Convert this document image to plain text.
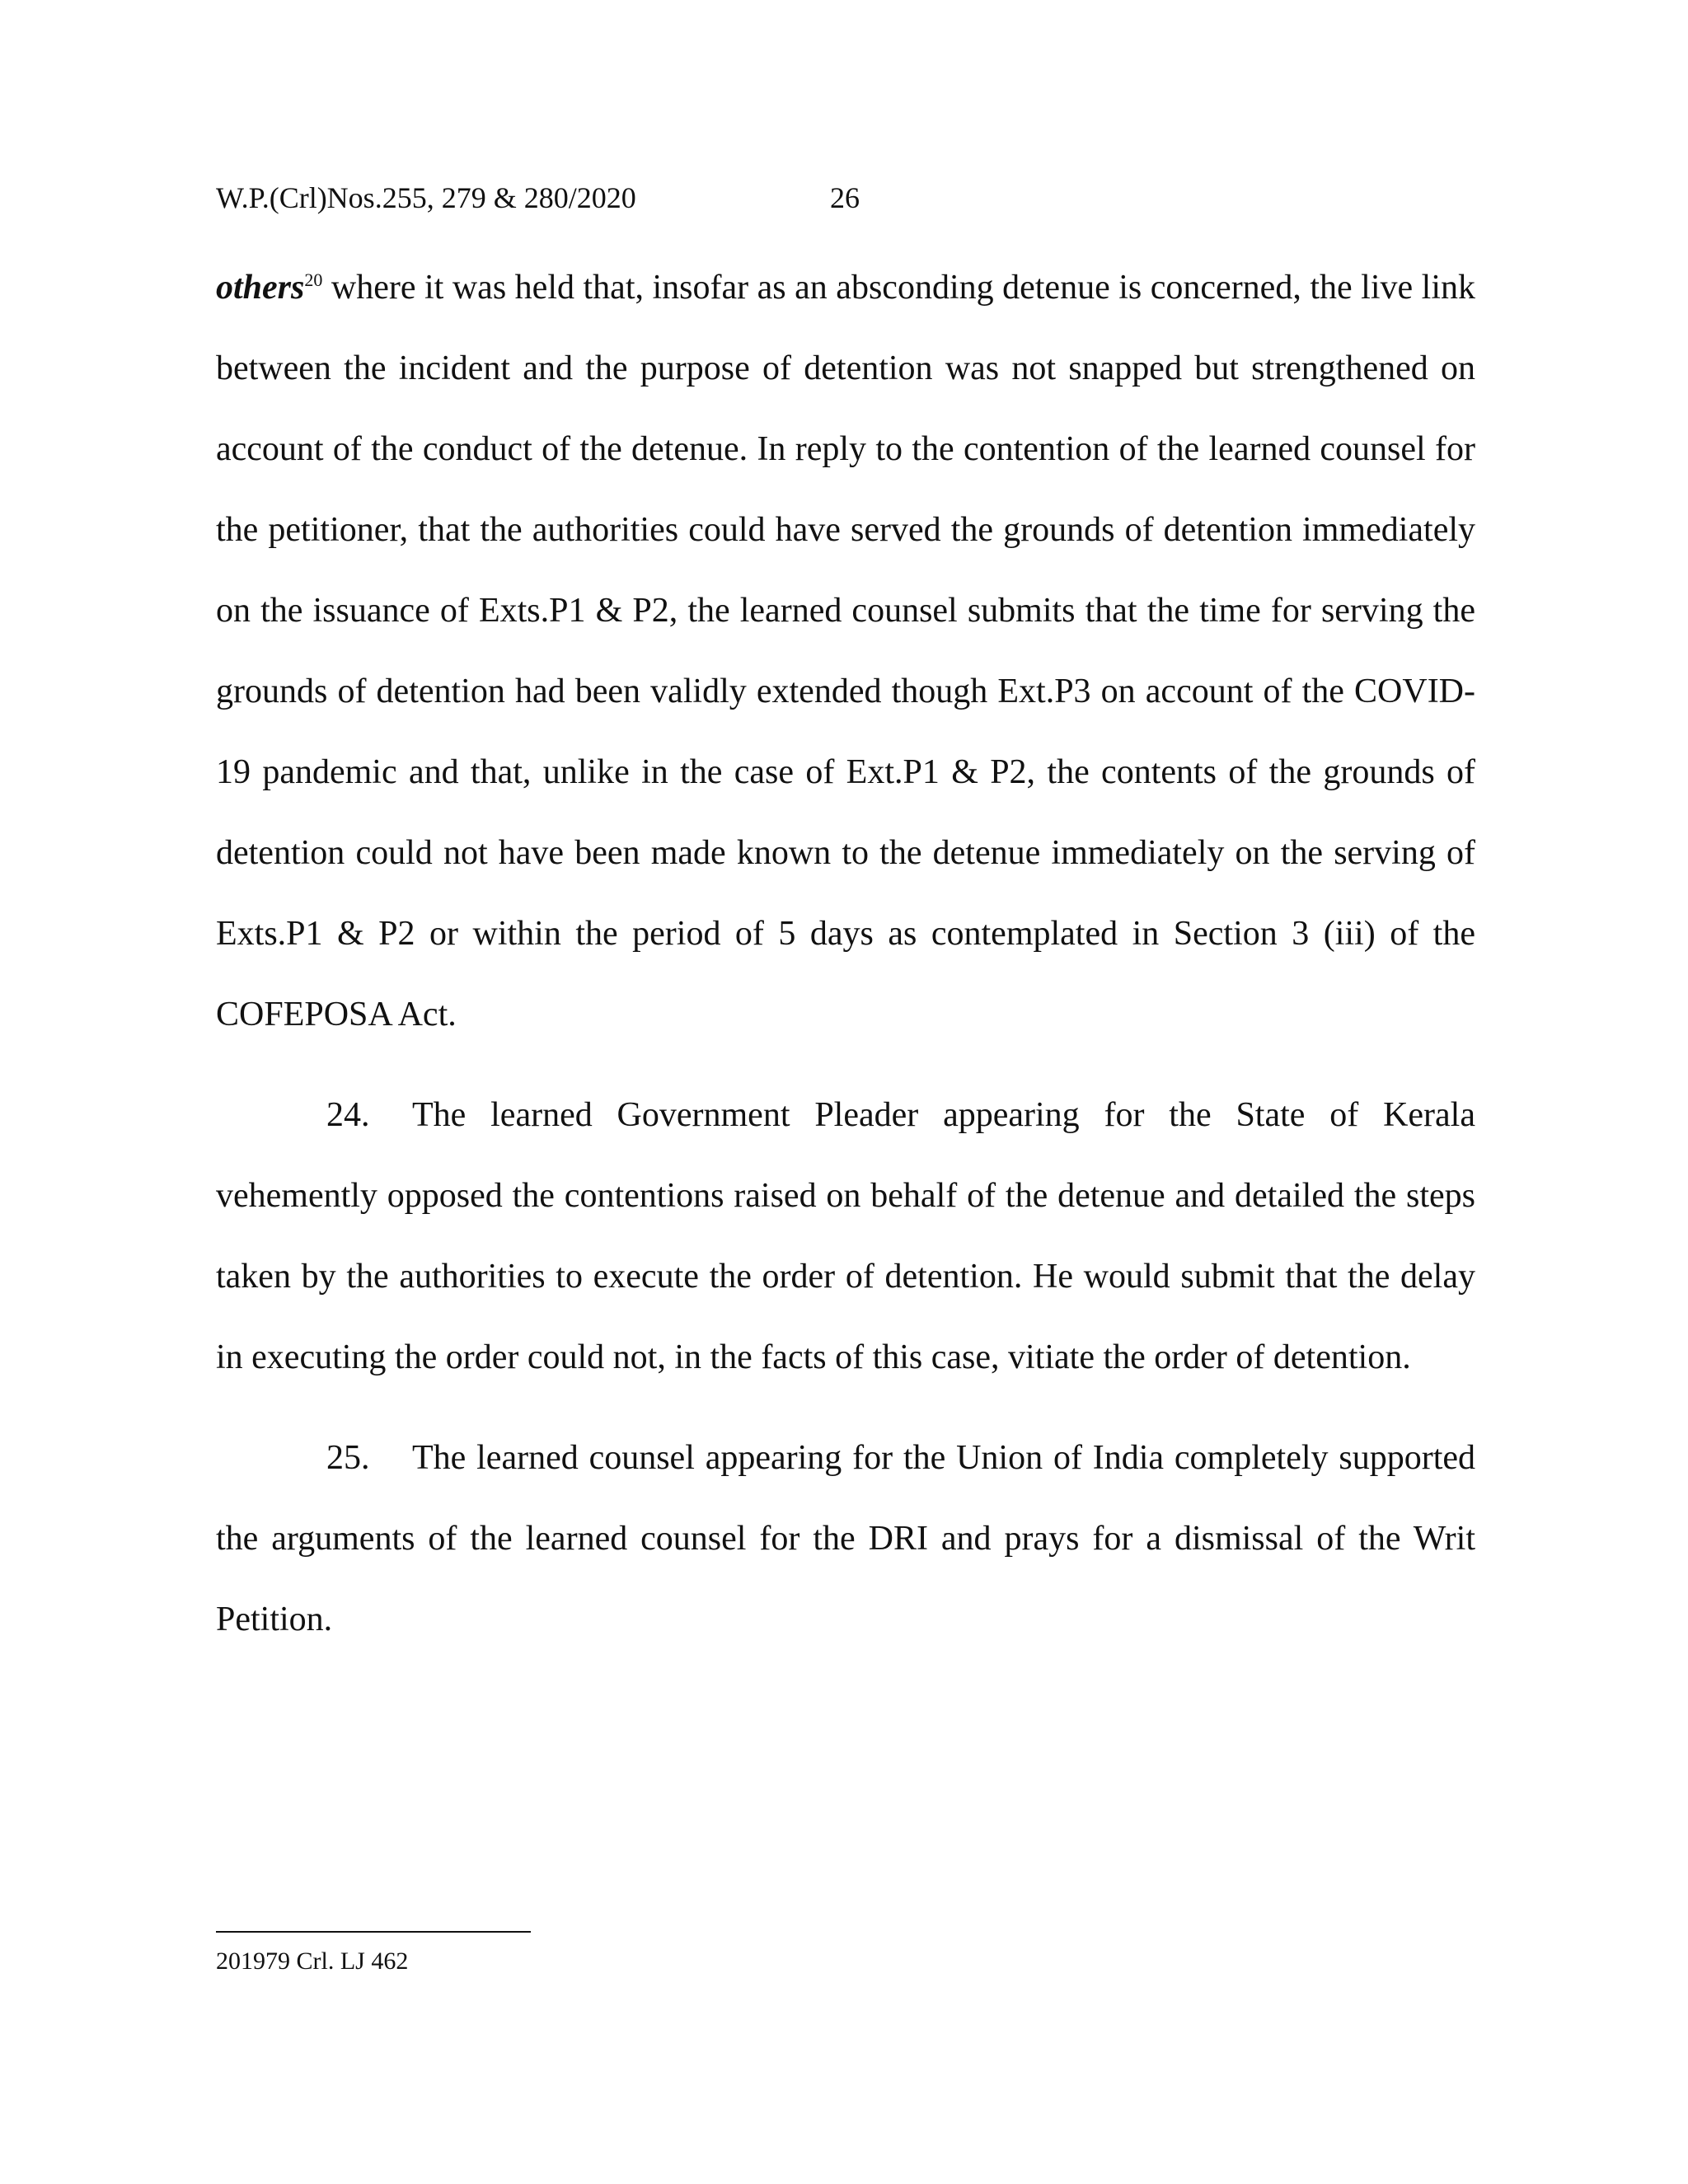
W.P.(Crl)Nos.255, 279 & 280/2020	26

others$^{20}$ where it was held that, insofar as an absconding detenue is concerned, the live link between the incident and the purpose of detention was not snapped but strengthened on account of the conduct of the detenue. In reply to the contention of the learned counsel for the petitioner, that the authorities could have served the grounds of detention immediately on the issuance of Exts.P1 & P2, the learned counsel submits that the time for serving the grounds of detention had been validly extended though Ext.P3 on account of the COVID-19 pandemic and that, unlike in the case of Ext.P1 & P2, the contents of the grounds of detention could not have been made known to the detenue immediately on the serving of Exts.P1 & P2 or within the period of 5 days as contemplated in Section 3 (iii) of the COFEPOSA Act.

24. The learned Government Pleader appearing for the State of Kerala vehemently opposed the contentions raised on behalf of the detenue and detailed the steps taken by the authorities to execute the order of detention. He would submit that the delay in executing the order could not, in the facts of this case, vitiate the order of detention.

25. The learned counsel appearing for the Union of India completely supported the arguments of the learned counsel for the DRI and prays for a dismissal of the Writ Petition.

201979 Crl. LJ 462
